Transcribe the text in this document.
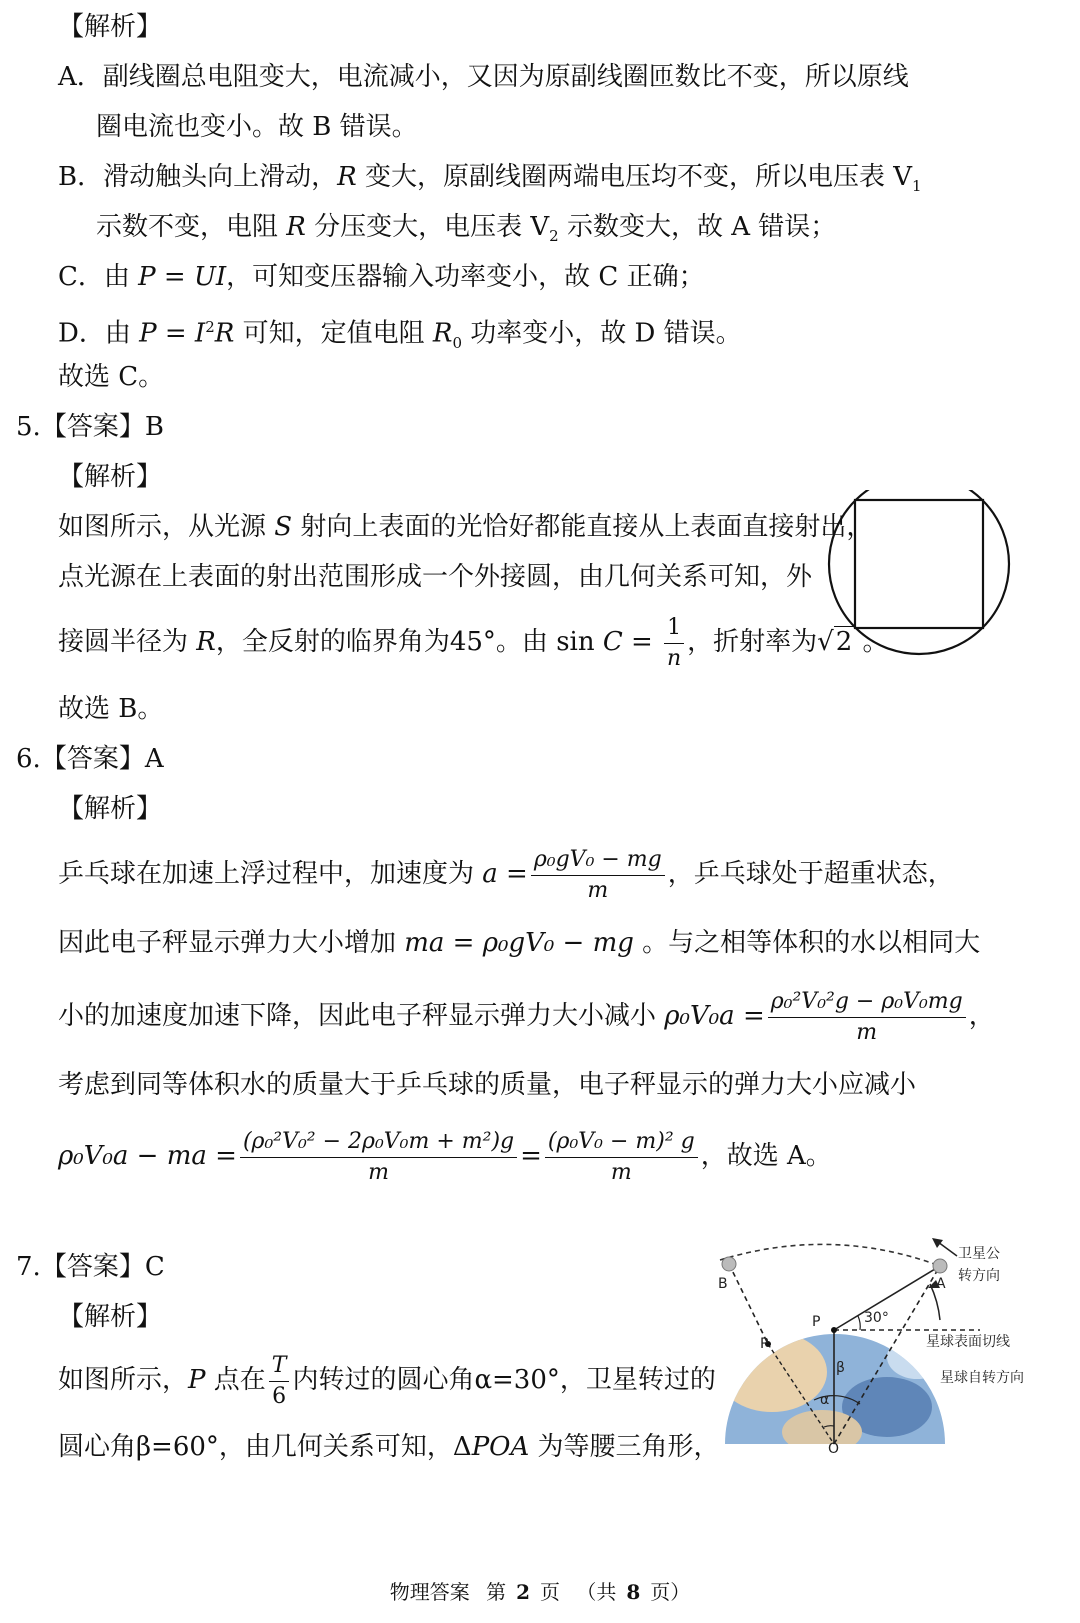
【解析】
A．副线圈总电阻变大，电流减小，又因为原副线圈匝数比不变，所以原线
圈电流也变小。故 B 错误。
B．滑动触头向上滑动，R 变大，原副线圈两端电压均不变，所以电压表 $V_1$
示数不变，电阻 R 分压变大，电压表 $V_2$ 示数变大，故 A 错误；
C．由 P = UI，可知变压器输入功率变小，故 C 正确；
D．由 $P = I^2R$ 可知，定值电阻 $R_0$ 功率变小，故 D 错误。
故选 C。
5.【答案】B
【解析】
如图所示，从光源 S 射向上表面的光恰好都能直接从上表面直接射出，
点光源在上表面的射出范围形成一个外接圆，由几何关系可知，外
接圆半径为 R，全反射的临界角为45°。由 $\sin C = \frac{1}{n}$ ，折射率为√2 。
故选 B。
6.【答案】A
【解析】
乒乓球在加速上浮过程中，加速度为 $a = \frac{\text{ρ₀gV₀ − mg}}{m}$ ，乒乓球处于超重状态，
因此电子秤显示弹力大小增加 ma = ρ₀gV₀ − mg 。与之相等体积的水以相同大
小的加速度加速下降，因此电子秤显示弹力大小减小 $\rho_0V_0a = \frac{\text{ρ₀²V₀²g − ρ₀V₀mg}}{m}$ ，
考虑到同等体积水的质量大于乒乓球的质量，电子秤显示的弹力大小应减小
ρ₀V₀a − ma = $\frac{\text{(ρ₀²V₀² − 2ρ₀V₀m + m²)g}}{m} = \frac{\text{(ρ₀V₀ − m)² g}}{m}$ ，故选 A。
7.【答案】C
【解析】
如图所示，P 点在 $\frac{T}{6}$ 内转过的圆心角α=30°，卫星转过的
圆心角β=60°，由几何关系可知，ΔPOA 为等腰三角形，
B	A
P
P
O
30°
β
α
卫星公
转方向
星球表面切线
星球自转方向
物理答案 第 2 页 （共 8 页）
